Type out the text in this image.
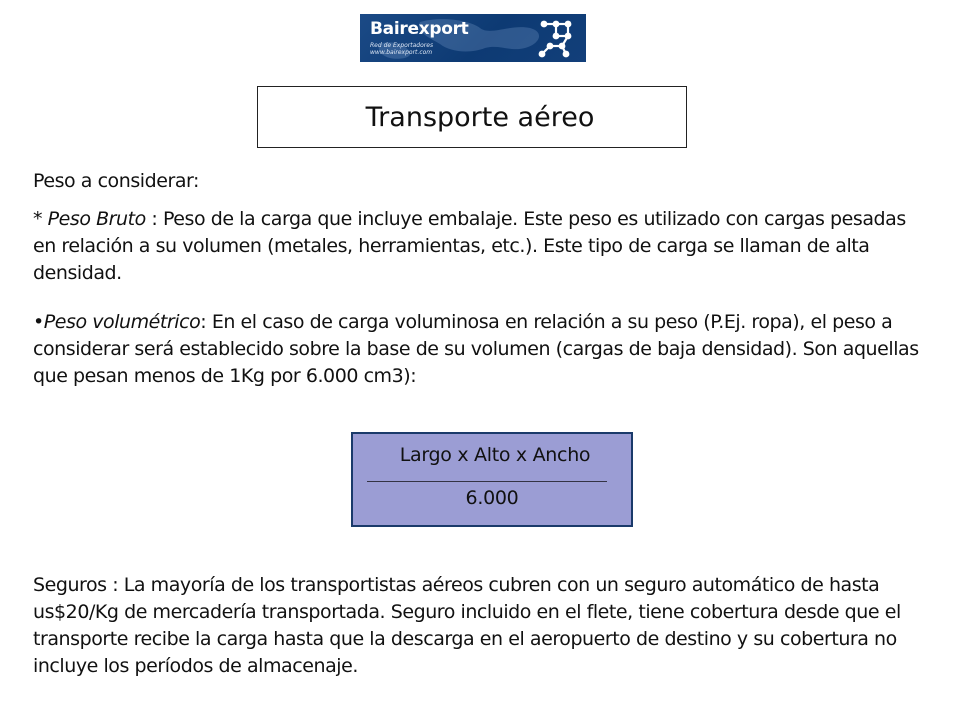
Bairexport
Red de Exportadores
www.bairexport.com
Transporte aéreo

Peso a considerar:

* Peso Bruto : Peso de la carga que incluye embalaje. Este peso es utilizado con cargas pesadas en relación a su volumen (metales, herramientas, etc.). Este tipo de carga se llaman de alta densidad.

•Peso volumétrico: En el caso de carga voluminosa en relación a su peso (P.Ej. ropa), el peso a considerar será establecido sobre la base de su volumen (cargas de baja densidad). Son aquellas que pesan menos de 1Kg por 6.000 cm3):

Largo x Alto x Ancho
6.000

Seguros : La mayoría de los transportistas aéreos cubren con un seguro automático de hasta us$20/Kg de mercadería transportada. Seguro incluido en el flete, tiene cobertura desde que el transporte recibe la carga hasta que la descarga en el aeropuerto de destino y su cobertura no incluye los períodos de almacenaje.
